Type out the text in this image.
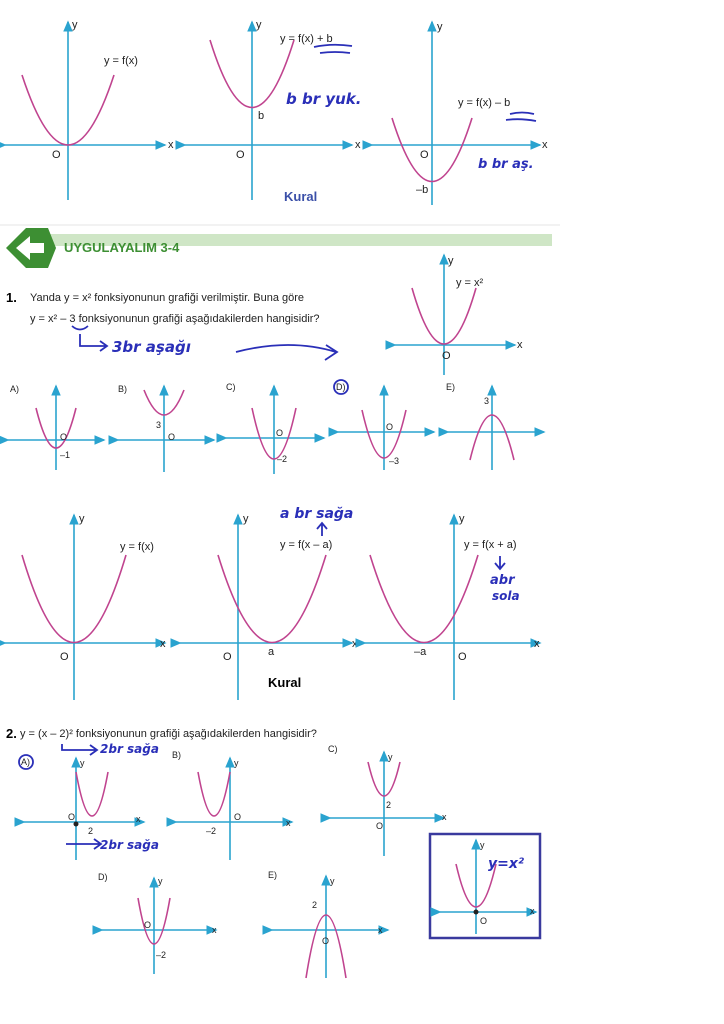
y
x
O
y = f(x)
y
x
O
b
y = f(x) + b
b br yuk.
Kural
y
x
O
–b
y = f(x) – b
b br aş.
UYGULAYALIM 3-4
1. Yanda y = x² fonksiyonunun grafiği verilmiştir. Buna göre
y = x² – 3 fonksiyonunun grafiği aşağıdakilerden hangisidir?
3br aşağı
y
x
O
y = x²
A)
O
–1
B)
O
3
C)
O
–2
D)
O
–3
E)
3
y
x
O
y = f(x)
y
x
O	a
y = f(x – a)
a br sağa
Kural
y
x
O
–a
y = f(x + a)
abr
sola
2. y = (x – 2)² fonksiyonunun grafiği aşağıdakilerden hangisidir?
2br sağa
A)	y
x
O
2
2br sağa
B)
y
x
O
–2
C)
y
x
O
2
D)	y
x
O
–2
E)
y
x
2
O
y
x
O
y=x²
